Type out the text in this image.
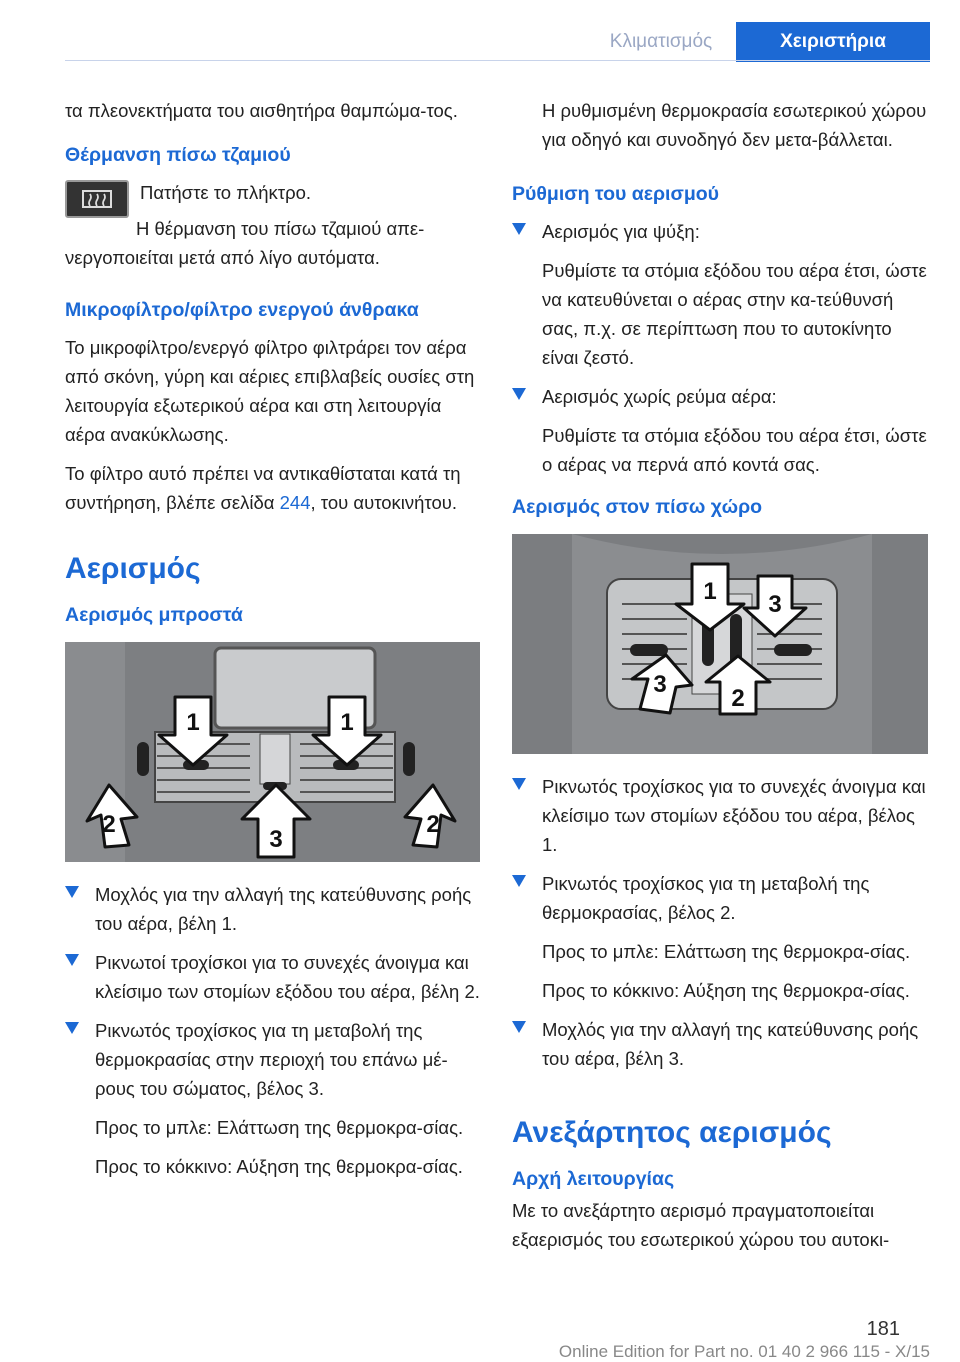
Κλιματισμός	Χειριστήρια

τα πλεονεκτήματα του αισθητήρα θαμπώμα-τος.

Θέρμανση πίσω τζαμιού

Πατήστε το πλήκτρο.

Η θέρμανση του πίσω τζαμιού απε-νεργοποιείται μετά από λίγο αυτόματα.

Μικροφίλτρο/φίλτρο ενεργού άνθρακα

Το μικροφίλτρο/ενεργό φίλτρο φιλτράρει τον αέρα από σκόνη, γύρη και αέριες επιβλαβείς ουσίες στη λειτουργία εξωτερικού αέρα και στη λειτουργία αέρα ανακύκλωσης.

Το φίλτρο αυτό πρέπει να αντικαθίσταται κατά τη συντήρηση, βλέπε σελίδα 244, του αυτοκινήτου.

Αερισμός
Αερισμός μπροστά
1	1
2
3
2

Μοχλός για την αλλαγή της κατεύθυνσης ροής του αέρα, βέλη 1.

Ρικνωτοί τροχίσκοι για το συνεχές άνοιγμα και κλείσιμο των στομίων εξόδου του αέρα, βέλη 2.

Ρικνωτός τροχίσκος για τη μεταβολή της θερμοκρασίας στην περιοχή του επάνω μέ-ρους του σώματος, βέλος 3.

Προς το μπλε: Ελάττωση της θερμοκρα-σίας.

Προς το κόκκινο: Αύξηση της θερμοκρα-σίας.

Η ρυθμισμένη θερμοκρασία εσωτερικού χώρου για οδηγό και συνοδηγό δεν μετα-βάλλεται.

Ρύθμιση του αερισμού

Αερισμός για ψύξη:

Ρυθμίστε τα στόμια εξόδου του αέρα έτσι, ώστε να κατευθύνεται ο αέρας στην κα-τεύθυνσή σας, π.χ. σε περίπτωση που το αυτοκίνητο είναι ζεστό.

Αερισμός χωρίς ρεύμα αέρα:

Ρυθμίστε τα στόμια εξόδου του αέρα έτσι, ώστε ο αέρας να περνά από κοντά σας.

Αερισμός στον πίσω χώρο
1 3
3
2

Ρικνωτός τροχίσκος για το συνεχές άνοιγμα και κλείσιμο των στομίων εξόδου του αέρα, βέλος 1.

Ρικνωτός τροχίσκος για τη μεταβολή της θερμοκρασίας, βέλος 2.

Προς το μπλε: Ελάττωση της θερμοκρα-σίας.

Προς το κόκκινο: Αύξηση της θερμοκρα-σίας.

Μοχλός για την αλλαγή της κατεύθυνσης ροής του αέρα, βέλη 3.

Ανεξάρτητος αερισμός
Αρχή λειτουργίας

Με το ανεξάρτητο αερισμό πραγματοποιείται εξαερισμός του εσωτερικού χώρου του αυτοκι-

181
Online Edition for Part no. 01 40 2 966 115 - X/15
